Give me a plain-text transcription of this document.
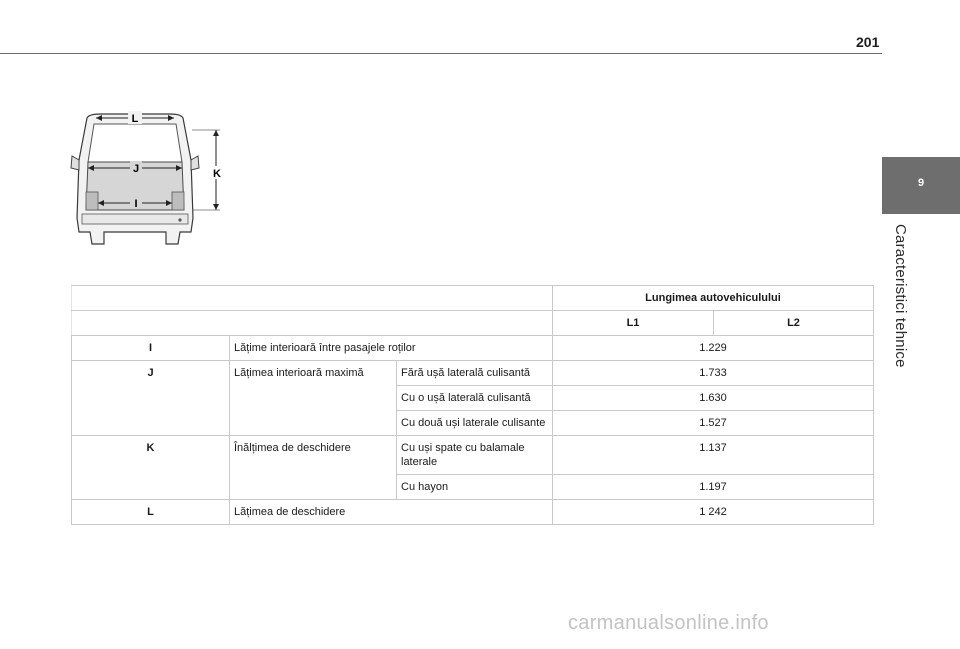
201
9
Caracteristici tehnice
L
J
I
K
			Lungimea autovehiculului	
			L1	L2
I	Lățime interioară între pasajele roților		1.229	
J	Lățimea interioară maximă	Fără ușă laterală culisantă	1.733	
		Cu o ușă laterală culisantă	1.630	
		Cu două uși laterale culisante	1.527	
K	Înălțimea de deschidere	Cu uși spate cu balamale laterale	1.137	
		Cu hayon	1.197	
L	Lățimea de deschidere		1 242	
carmanualsonline.info
